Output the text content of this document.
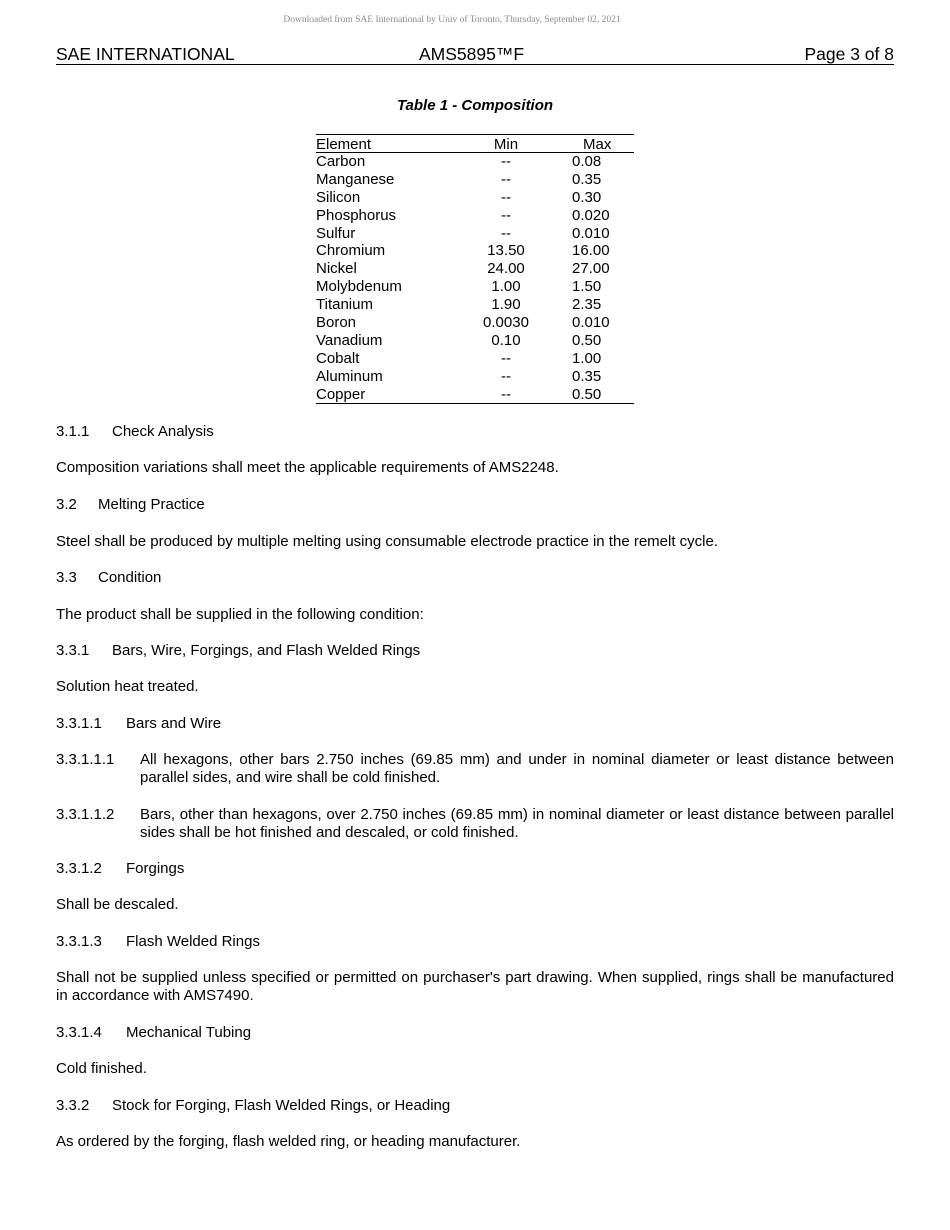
Downloaded from SAE International by Univ of Toronto, Thursday, September 02, 2021
SAE INTERNATIONAL	AMS5895™F	Page 3 of 8
Table 1 - Composition
Element	Min	Max
Carbon	--	0.08
Manganese	--	0.35
Silicon	--	0.30
Phosphorus	--	0.020
Sulfur	--	0.010
Chromium	13.50	16.00
Nickel	24.00	27.00
Molybdenum	1.00	1.50
Titanium	1.90	2.35
Boron	0.0030	0.010
Vanadium	0.10	0.50
Cobalt	--	1.00
Aluminum	--	0.35
Copper	--	0.50
3.1.1 Check Analysis
Composition variations shall meet the applicable requirements of AMS2248.
3.2 Melting Practice
Steel shall be produced by multiple melting using consumable electrode practice in the remelt cycle.
3.3 Condition
The product shall be supplied in the following condition:
3.3.1 Bars, Wire, Forgings, and Flash Welded Rings
Solution heat treated.
3.3.1.1 Bars and Wire
3.3.1.1.1 All hexagons, other bars 2.750 inches (69.85 mm) and under in nominal diameter or least distance between parallel sides, and wire shall be cold finished.
3.3.1.1.2 Bars, other than hexagons, over 2.750 inches (69.85 mm) in nominal diameter or least distance between parallel sides shall be hot finished and descaled, or cold finished.
3.3.1.2 Forgings
Shall be descaled.
3.3.1.3 Flash Welded Rings
Shall not be supplied unless specified or permitted on purchaser's part drawing. When supplied, rings shall be manufactured in accordance with AMS7490.
3.3.1.4 Mechanical Tubing
Cold finished.
3.3.2 Stock for Forging, Flash Welded Rings, or Heading
As ordered by the forging, flash welded ring, or heading manufacturer.
